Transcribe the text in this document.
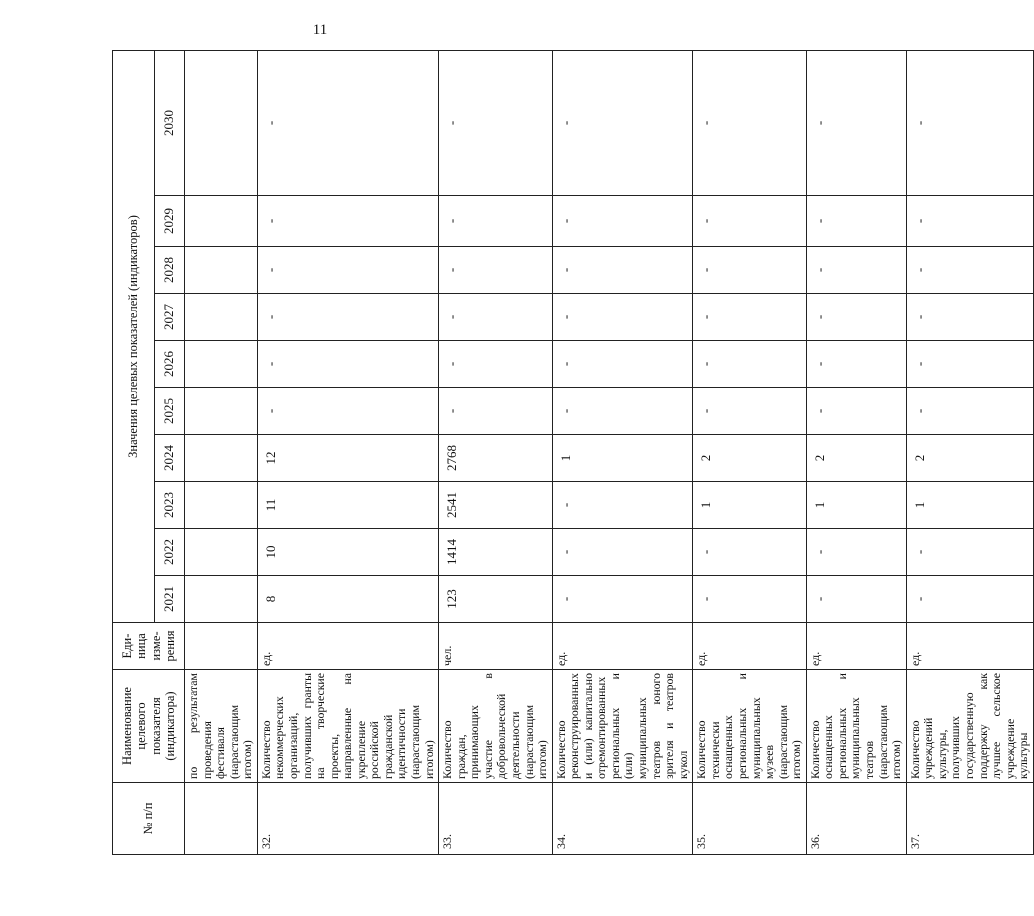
11
№ п/п	Наименование целевого показателя (индикатора)	Еди-ница изме-рения	Значения целевых показателей (индикаторов)									
			2021	2022	2023	2024	2025	2026	2027	2028	2029	2030
	по результатам проведения фестиваля (нарастающим итогом)											
32.	Количество некоммерческих организаций, получивших гранты на творческие проекты, направленные на укрепление российской гражданской идентичности (нарастающим итогом)	ед.	8	10	11	12	-	-	-	-	-	-
33.	Количество граждан, принимающих участие в добровольческой деятельности (нарастающим итогом)	чел.	123	1414	2541	2768	-	-	-	-	-	-
34.	Количество реконструированных и (или) капитально отремонтированных региональных и (или) муниципальных театров юного зрителя и театров кукол	ед.	-	-	-	1	-	-	-	-	-	-
35.	Количество технически оснащенных региональных и муниципальных музеев (нарастающим итогом)	ед.	-	-	1	2	-	-	-	-	-	-
36.	Количество оснащенных региональных и муниципальных театров (нарастающим итогом)	ед.	-	-	1	2	-	-	-	-	-	-
37.	Количество учреждений культуры, получивших государственную поддержку как лучшее сельское учреждение культуры	ед.	-	-	1	2	-	-	-	-	-	-
